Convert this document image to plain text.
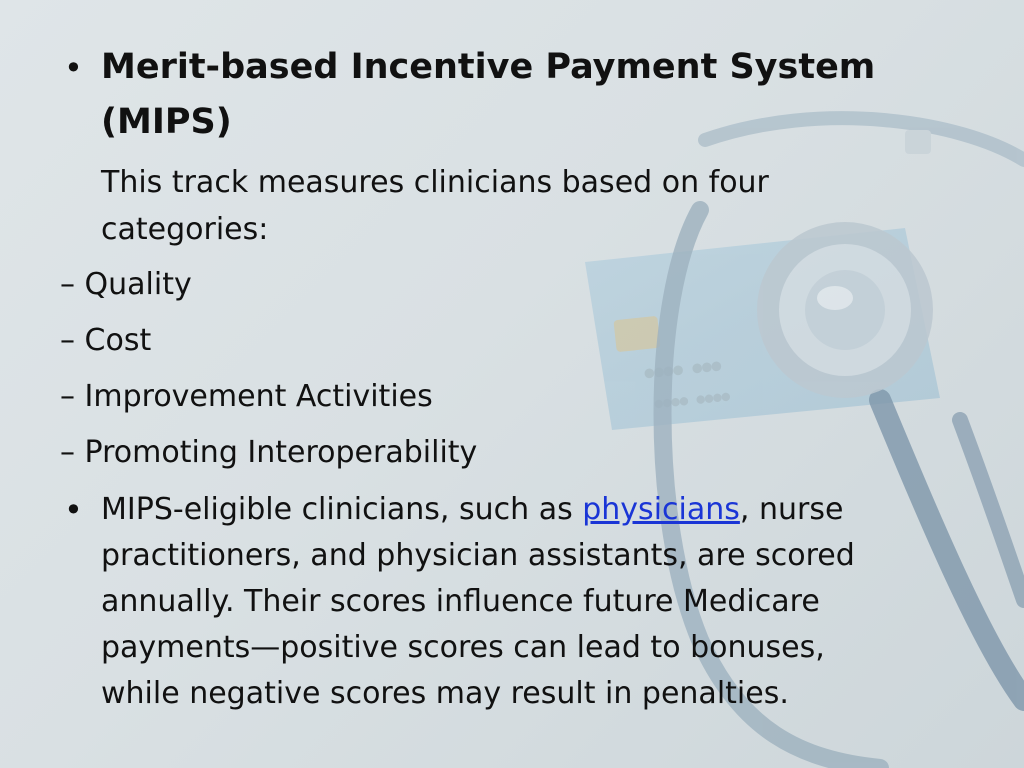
●●●● ●●●
●●●● ●●●●
• Merit-based Incentive Payment System
(MIPS)
This track measures clinicians based on four
categories:
– Quality
– Cost
– Improvement Activities
– Promoting Interoperability
• MIPS-eligible clinicians, such as physicians, nurse
practitioners, and physician assistants, are scored
annually. Their scores influence future Medicare
payments—positive scores can lead to bonuses,
while negative scores may result in penalties.
